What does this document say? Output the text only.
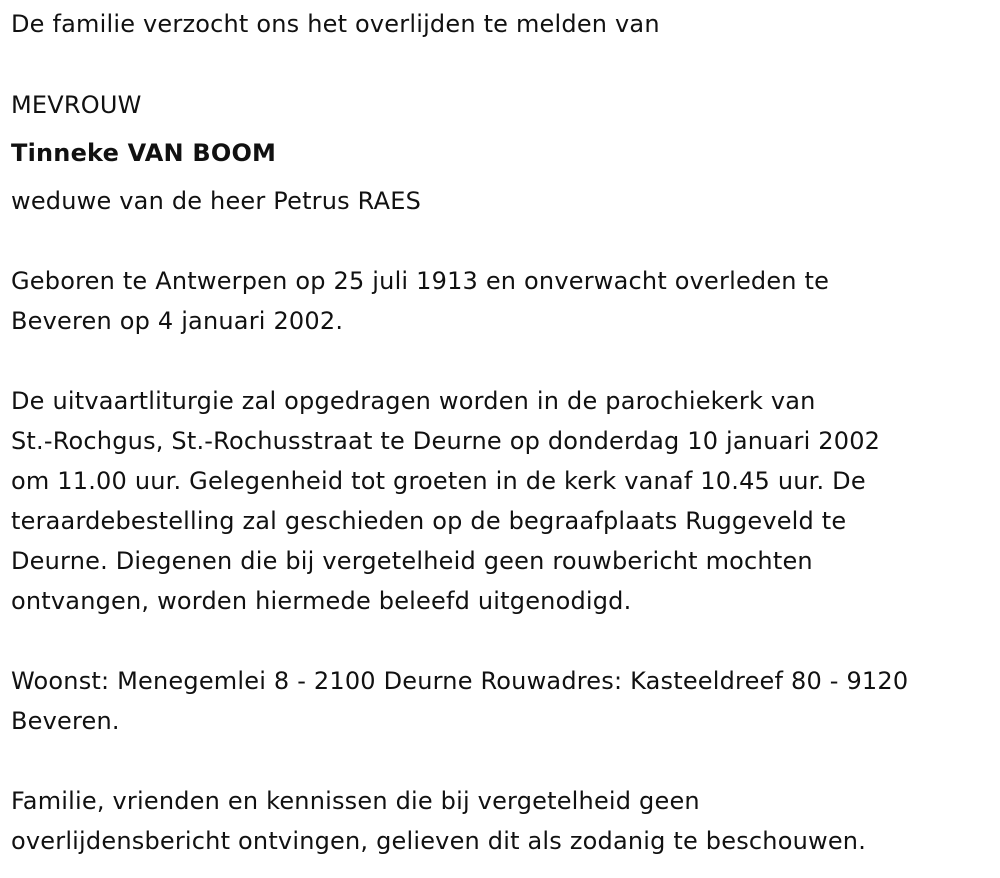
De familie verzocht ons het overlijden te melden van
MEVROUW
Tinneke VAN BOOM
weduwe van de heer Petrus RAES
Geboren te Antwerpen op 25 juli 1913 en onverwacht overleden te
Beveren op 4 januari 2002.
De uitvaartliturgie zal opgedragen worden in de parochiekerk van
St.-Rochgus, St.-Rochusstraat te Deurne op donderdag 10 januari 2002
om 11.00 uur. Gelegenheid tot groeten in de kerk vanaf 10.45 uur. De
teraardebestelling zal geschieden op de begraafplaats Ruggeveld te
Deurne. Diegenen die bij vergetelheid geen rouwbericht mochten
ontvangen, worden hiermede beleefd uitgenodigd.
Woonst: Menegemlei 8 - 2100 Deurne Rouwadres: Kasteeldreef 80 - 9120
Beveren.
Familie, vrienden en kennissen die bij vergetelheid geen
overlijdensbericht ontvingen, gelieven dit als zodanig te beschouwen.
